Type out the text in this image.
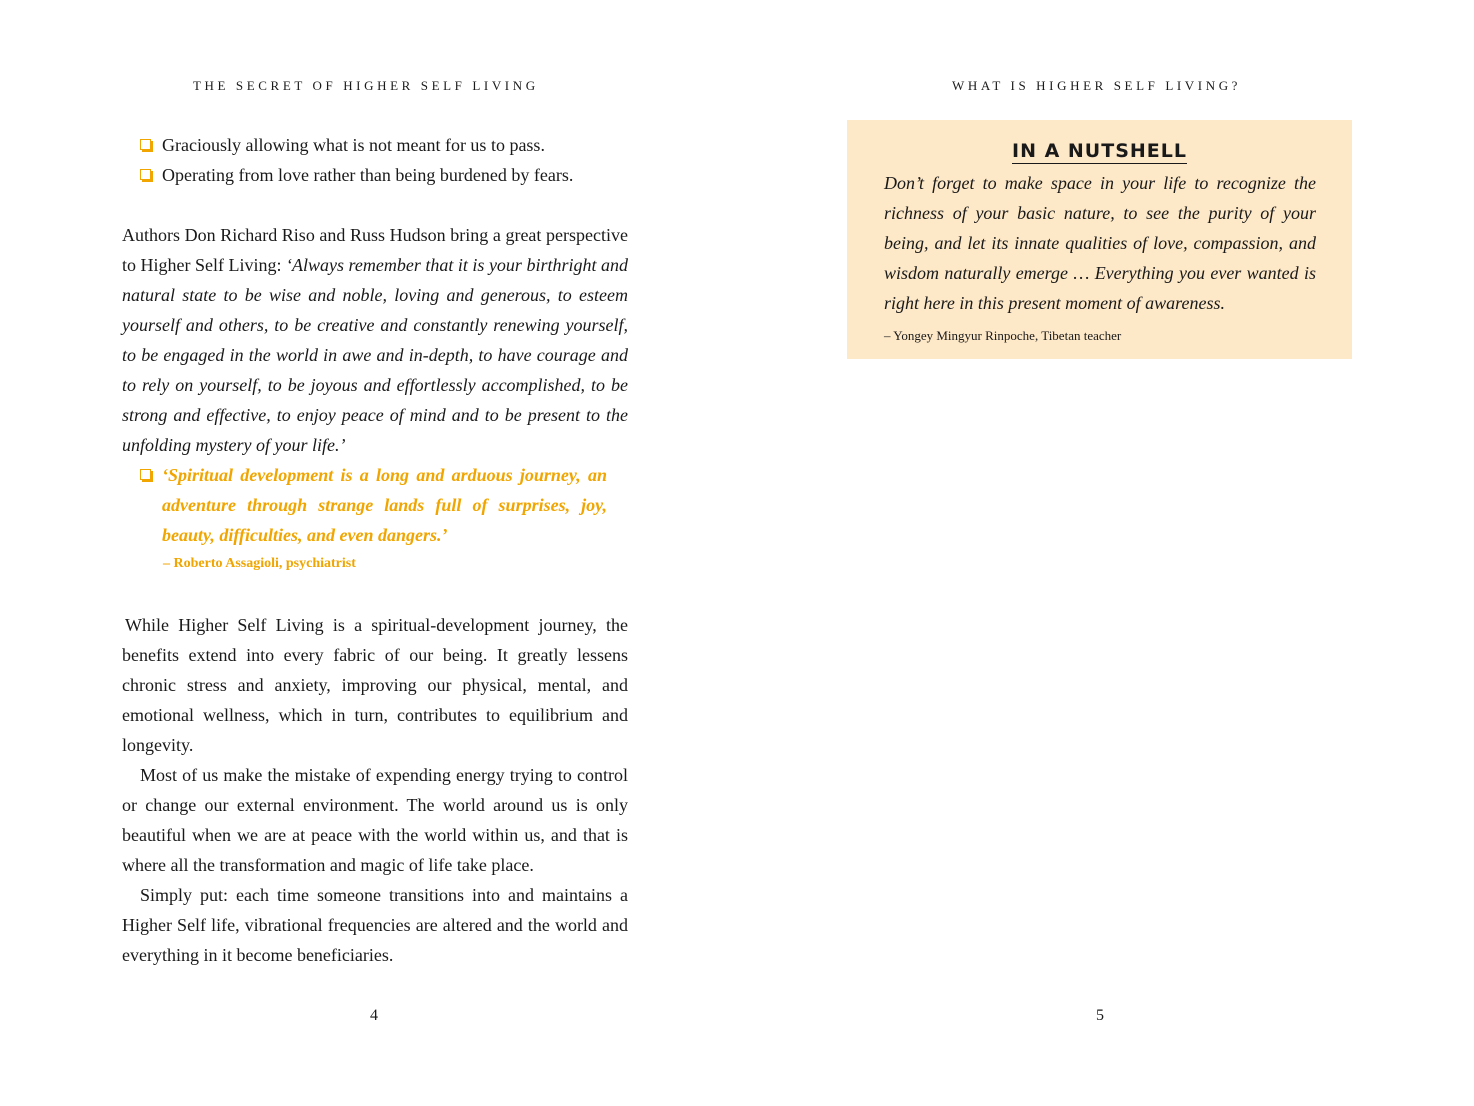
THE SECRET OF HIGHER SELF LIVING
Graciously allowing what is not meant for us to pass.
Operating from love rather than being burdened by fears.

Authors Don Richard Riso and Russ Hudson bring a great perspective to Higher Self Living: ‘Always remember that it is your birthright and natural state to be wise and noble, loving and generous, to esteem yourself and others, to be creative and constantly renewing yourself, to be engaged in the world in awe and in-depth, to have courage and to rely on yourself, to be joyous and effortlessly accomplished, to be strong and effective, to enjoy peace of mind and to be present to the unfolding mystery of your life.’

‘Spiritual development is a long and arduous journey, an adventure through strange lands full of surprises, joy, beauty, difficulties, and even dangers.’
– Roberto Assagioli, psychiatrist

While Higher Self Living is a spiritual-development journey, the benefits extend into every fabric of our being. It greatly lessens chronic stress and anxiety, improving our physical, mental, and emotional wellness, which in turn, contributes to equilibrium and longevity.

Most of us make the mistake of expending energy trying to control or change our external environment. The world around us is only beautiful when we are at peace with the world within us, and that is where all the transformation and magic of life take place.

Simply put: each time someone transitions into and maintains a Higher Self life, vibrational frequencies are altered and the world and everything in it become beneficiaries.

4
WHAT IS HIGHER SELF LIVING?
IN A NUTSHELL
Don’t forget to make space in your life to recognize the richness of your basic nature, to see the purity of your being, and let its innate qualities of love, compassion, and wisdom naturally emerge … Everything you ever wanted is right here in this present moment of awareness.
– Yongey Mingyur Rinpoche, Tibetan teacher
5
